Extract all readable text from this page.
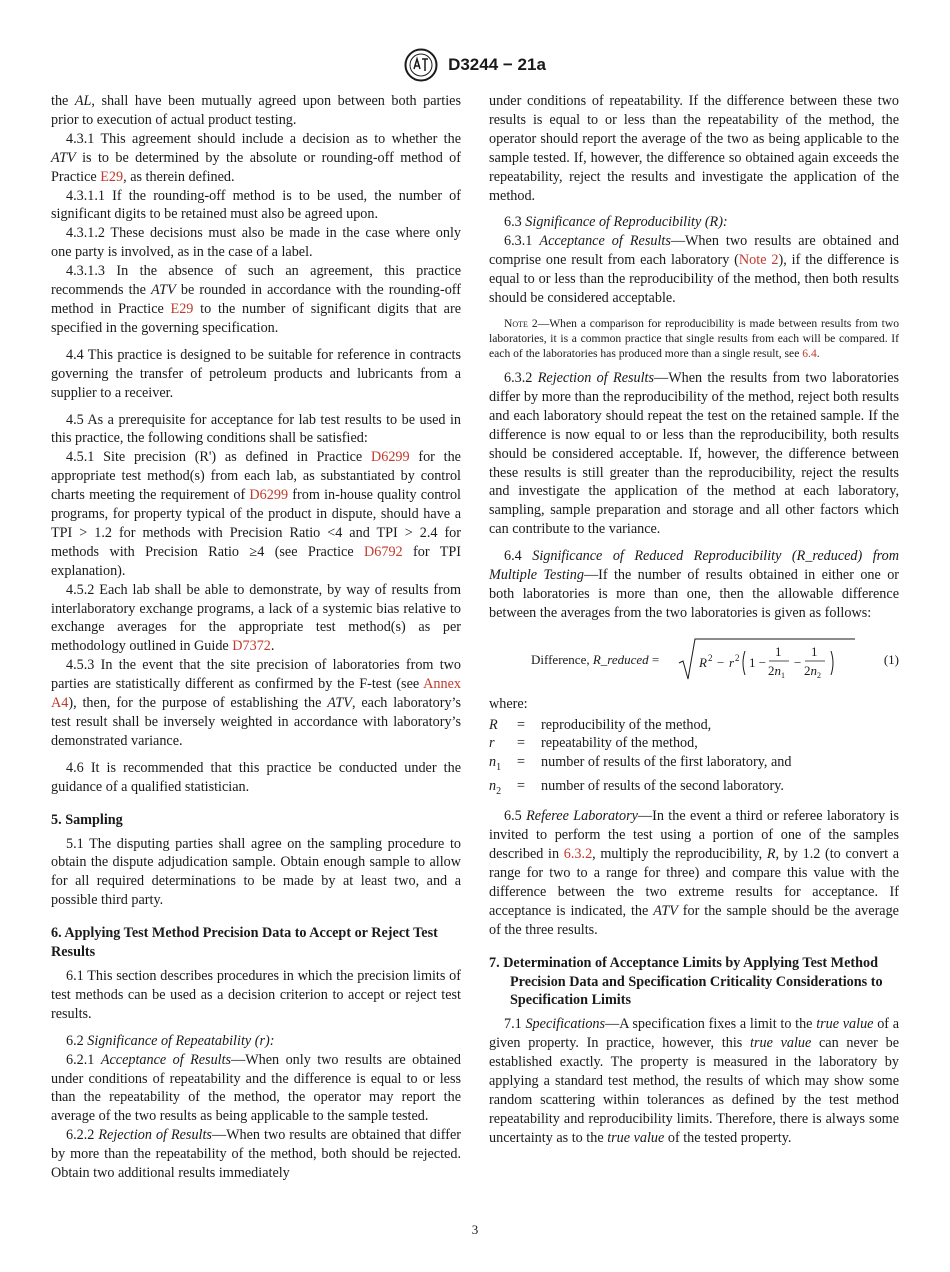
D3244 − 21a

the AL, shall have been mutually agreed upon between both parties prior to execution of actual product testing.

4.3.1 This agreement should include a decision as to whether the ATV is to be determined by the absolute or rounding-off method of Practice E29, as therein defined.

4.3.1.1 If the rounding-off method is to be used, the number of significant digits to be retained must also be agreed upon.

4.3.1.2 These decisions must also be made in the case where only one party is involved, as in the case of a label.

4.3.1.3 In the absence of such an agreement, this practice recommends the ATV be rounded in accordance with the rounding-off method in Practice E29 to the number of significant digits that are specified in the governing specification.

4.4 This practice is designed to be suitable for reference in contracts governing the transfer of petroleum products and lubricants from a supplier to a receiver.

4.5 As a prerequisite for acceptance for lab test results to be used in this practice, the following conditions shall be satisfied:

4.5.1 Site precision (R') as defined in Practice D6299 for the appropriate test method(s) from each lab, as substantiated by control charts meeting the requirement of D6299 from in-house quality control programs, for property typical of the product in dispute, should have a TPI > 1.2 for methods with Precision Ratio <4 and TPI > 2.4 for methods with Precision Ratio ≥4 (see Practice D6792 for TPI explanation).

4.5.2 Each lab shall be able to demonstrate, by way of results from interlaboratory exchange programs, a lack of a systemic bias relative to exchange averages for the appropriate test method(s) as per methodology outlined in Guide D7372.

4.5.3 In the event that the site precision of laboratories from two parties are statistically different as confirmed by the F-test (see Annex A4), then, for the purpose of establishing the ATV, each laboratory’s test result shall be inversely weighted in accordance with laboratory’s demonstrated variance.

4.6 It is recommended that this practice be conducted under the guidance of a qualified statistician.

5. Sampling

5.1 The disputing parties shall agree on the sampling procedure to obtain the dispute adjudication sample. Obtain enough sample to allow for all required determinations to be made by at least two, and a possible third party.

6. Applying Test Method Precision Data to Accept or Reject Test Results

6.1 This section describes procedures in which the precision limits of test methods can be used as a decision criterion to accept or reject test results.

6.2 Significance of Repeatability (r):

6.2.1 Acceptance of Results—When only two results are obtained under conditions of repeatability and the difference is equal to or less than the repeatability of the method, the operator may report the average of the two results as being applicable to the sample tested.

6.2.2 Rejection of Results—When two results are obtained that differ by more than the repeatability of the method, both should be rejected. Obtain two additional results immediately

under conditions of repeatability. If the difference between these two results is equal to or less than the repeatability of the method, the operator should report the average of the two as being applicable to the sample tested. If, however, the difference so obtained again exceeds the repeatability, reject the results and investigate the application of the method.

6.3 Significance of Reproducibility (R):

6.3.1 Acceptance of Results—When two results are obtained and comprise one result from each laboratory (Note 2), if the difference is equal to or less than the reproducibility of the method, then both results should be considered acceptable.

Note 2—When a comparison for reproducibility is made between results from two laboratories, it is a common practice that single results from each will be compared. If each of the laboratories has produced more than a single result, see 6.4.

6.3.2 Rejection of Results—When the results from two laboratories differ by more than the reproducibility of the method, reject both results and each laboratory should repeat the test on the retained sample. If the difference is now equal to or less than the reproducibility, both results should be considered acceptable. If, however, the difference between these results is still greater than the reproducibility, reject the results and investigate the application of the method at each laboratory, sampling, sample preparation and storage and all other factors which can contribute to the variance.

6.4 Significance of Reduced Reproducibility (R_reduced) from Multiple Testing—If the number of results obtained in either one or both laboratories is more than one, then the allowable difference between the averages from the two laboratories is given as follows:

Difference, R_reduced =	R 2 − r 2 1 −
1
$2n_1$
−
1
$2n_2$
(1)

where:

R	=	reproducibility of the method,
r	=	repeatability of the method,
$n_1$	=	number of results of the first laboratory, and
$n_2$	=	number of results of the second laboratory.

6.5 Referee Laboratory—In the event a third or referee laboratory is invited to perform the test using a portion of one of the samples described in 6.3.2, multiply the reproducibility, R, by 1.2 (to convert a range for two to a range for three) and compare this value with the difference between the two extreme results for acceptance. If acceptance is indicated, the ATV for the sample should be the average of the three results.

7. Determination of Acceptance Limits by Applying Test Method Precision Data and Specification Criticality Considerations to Specification Limits

7.1 Specifications—A specification fixes a limit to the true value of a given property. In practice, however, this true value can never be established exactly. The property is measured in the laboratory by applying a standard test method, the results of which may show some random scattering within tolerances as defined by the test method repeatability and reproducibility limits. Therefore, there is always some uncertainty as to the true value of the tested property.

3
